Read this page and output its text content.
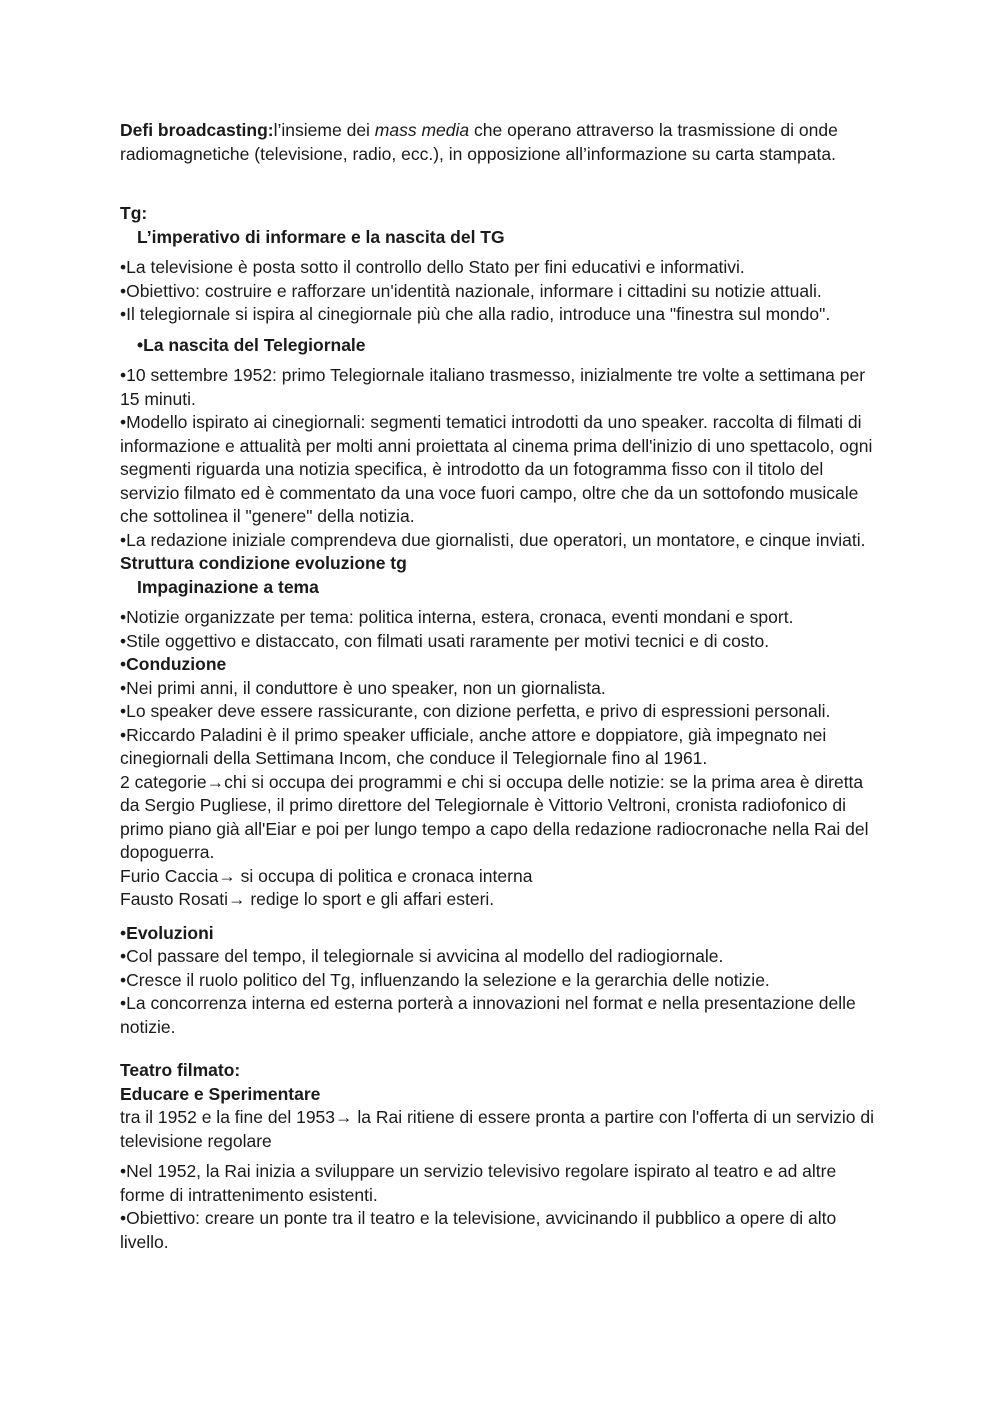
Defi broadcasting:l’insieme dei mass media che operano attraverso la trasmissione di onde radiomagnetiche (televisione, radio, ecc.), in opposizione all’informazione su carta stampata.

Tg:

L’imperativo di informare e la nascita del TG

•La televisione è posta sotto il controllo dello Stato per fini educativi e informativi.

•Obiettivo: costruire e rafforzare un'identità nazionale, informare i cittadini su notizie attuali.

•Il telegiornale si ispira al cinegiornale più che alla radio, introduce una "finestra sul mondo".

•La nascita del Telegiornale

•10 settembre 1952: primo Telegiornale italiano trasmesso, inizialmente tre volte a settimana per 15 minuti.

•Modello ispirato ai cinegiornali: segmenti tematici introdotti da uno speaker. raccolta di filmati di informazione e attualità per molti anni proiettata al cinema prima dell'inizio di uno spettacolo, ogni segmenti riguarda una notizia specifica, è introdotto da un fotogramma fisso con il titolo del servizio filmato ed è commentato da una voce fuori campo, oltre che da un sottofondo musicale che sottolinea il "genere" della notizia.

•La redazione iniziale comprendeva due giornalisti, due operatori, un montatore, e cinque inviati.

Struttura condizione evoluzione tg

Impaginazione a tema

•Notizie organizzate per tema: politica interna, estera, cronaca, eventi mondani e sport.

•Stile oggettivo e distaccato, con filmati usati raramente per motivi tecnici e di costo.

•Conduzione

•Nei primi anni, il conduttore è uno speaker, non un giornalista.

•Lo speaker deve essere rassicurante, con dizione perfetta, e privo di espressioni personali.

•Riccardo Paladini è il primo speaker ufficiale, anche attore e doppiatore, già impegnato nei cinegiornali della Settimana Incom, che conduce il Telegiornale fino al 1961.

2 categorie→chi si occupa dei programmi e chi si occupa delle notizie: se la prima area è diretta da Sergio Pugliese, il primo direttore del Telegiornale è Vittorio Veltroni, cronista radiofonico di primo piano già all'Eiar e poi per lungo tempo a capo della redazione radiocronache nella Rai del dopoguerra.

Furio Caccia→ si occupa di politica e cronaca interna

Fausto Rosati→ redige lo sport e gli affari esteri.

•Evoluzioni

•Col passare del tempo, il telegiornale si avvicina al modello del radiogiornale.

•Cresce il ruolo politico del Tg, influenzando la selezione e la gerarchia delle notizie.

•La concorrenza interna ed esterna porterà a innovazioni nel format e nella presentazione delle notizie.

Teatro filmato:

Educare e Sperimentare

tra il 1952 e la fine del 1953→ la Rai ritiene di essere pronta a partire con l'offerta di un servizio di televisione regolare

•Nel 1952, la Rai inizia a sviluppare un servizio televisivo regolare ispirato al teatro e ad altre forme di intrattenimento esistenti.

•Obiettivo: creare un ponte tra il teatro e la televisione, avvicinando il pubblico a opere di alto livello.
